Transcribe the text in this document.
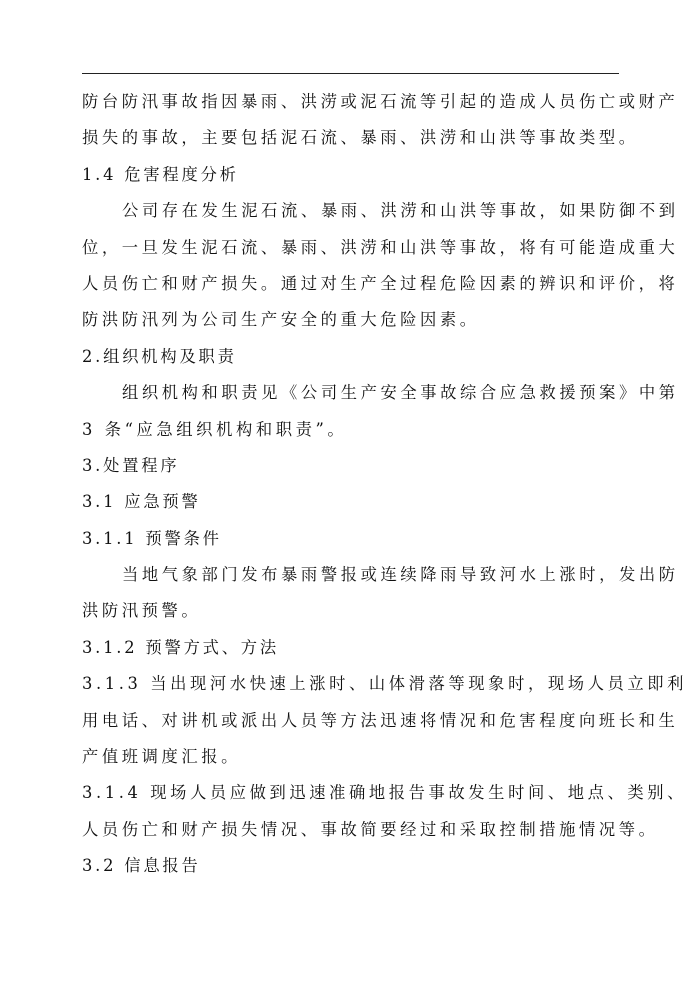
防台防汛事故指因暴雨、洪涝或泥石流等引起的造成人员伤亡或财产
损失的事故，主要包括泥石流、暴雨、洪涝和山洪等事故类型。
1.4 危害程度分析
公司存在发生泥石流、暴雨、洪涝和山洪等事故，如果防御不到
位，一旦发生泥石流、暴雨、洪涝和山洪等事故，将有可能造成重大
人员伤亡和财产损失。通过对生产全过程危险因素的辨识和评价，将
防洪防汛列为公司生产安全的重大危险因素。
2.组织机构及职责
组织机构和职责见《公司生产安全事故综合应急救援预案》中第
3 条“应急组织机构和职责”。
3.处置程序
3.1 应急预警
3.1.1 预警条件
当地气象部门发布暴雨警报或连续降雨导致河水上涨时，发出防
洪防汛预警。
3.1.2 预警方式、方法
3.1.3 当出现河水快速上涨时、山体滑落等现象时，现场人员立即利
用电话、对讲机或派出人员等方法迅速将情况和危害程度向班长和生
产值班调度汇报。
3.1.4 现场人员应做到迅速准确地报告事故发生时间、地点、类别、
人员伤亡和财产损失情况、事故简要经过和采取控制措施情况等。
3.2 信息报告
